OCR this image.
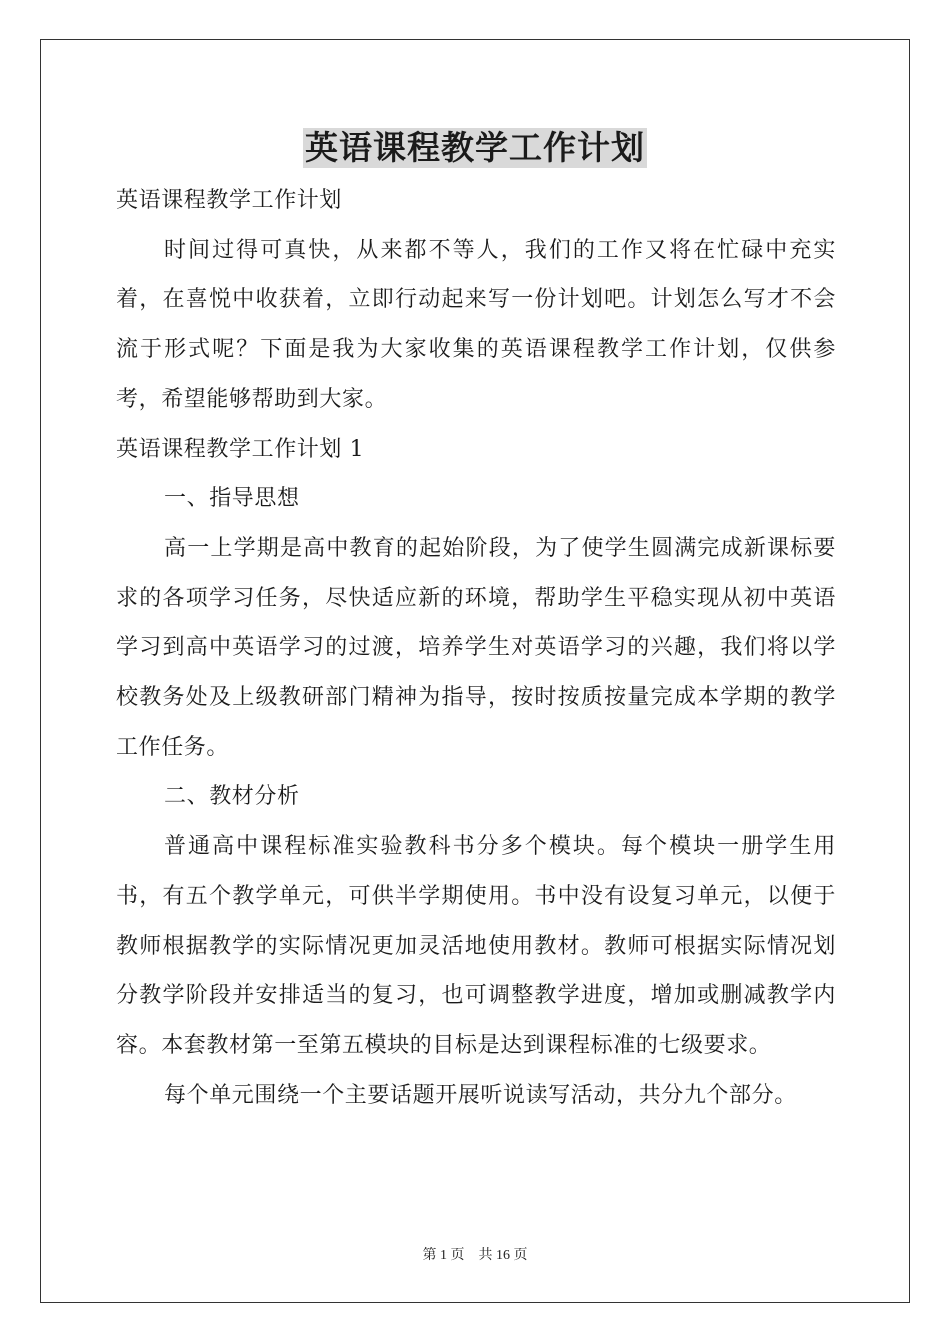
英语课程教学工作计划

英语课程教学工作计划

时间过得可真快，从来都不等人，我们的工作又将在忙碌中充实着，在喜悦中收获着，立即行动起来写一份计划吧。计划怎么写才不会流于形式呢？下面是我为大家收集的英语课程教学工作计划，仅供参考，希望能够帮助到大家。

英语课程教学工作计划 1

一、指导思想

高一上学期是高中教育的起始阶段，为了使学生圆满完成新课标要求的各项学习任务，尽快适应新的环境，帮助学生平稳实现从初中英语学习到高中英语学习的过渡，培养学生对英语学习的兴趣，我们将以学校教务处及上级教研部门精神为指导，按时按质按量完成本学期的教学工作任务。

二、教材分析

普通高中课程标准实验教科书分多个模块。每个模块一册学生用书，有五个教学单元，可供半学期使用。书中没有设复习单元，以便于教师根据教学的实际情况更加灵活地使用教材。教师可根据实际情况划分教学阶段并安排适当的复习，也可调整教学进度，增加或删减教学内容。本套教材第一至第五模块的目标是达到课程标准的七级要求。

每个单元围绕一个主要话题开展听说读写活动，共分九个部分。

第 1 页 共 16 页
